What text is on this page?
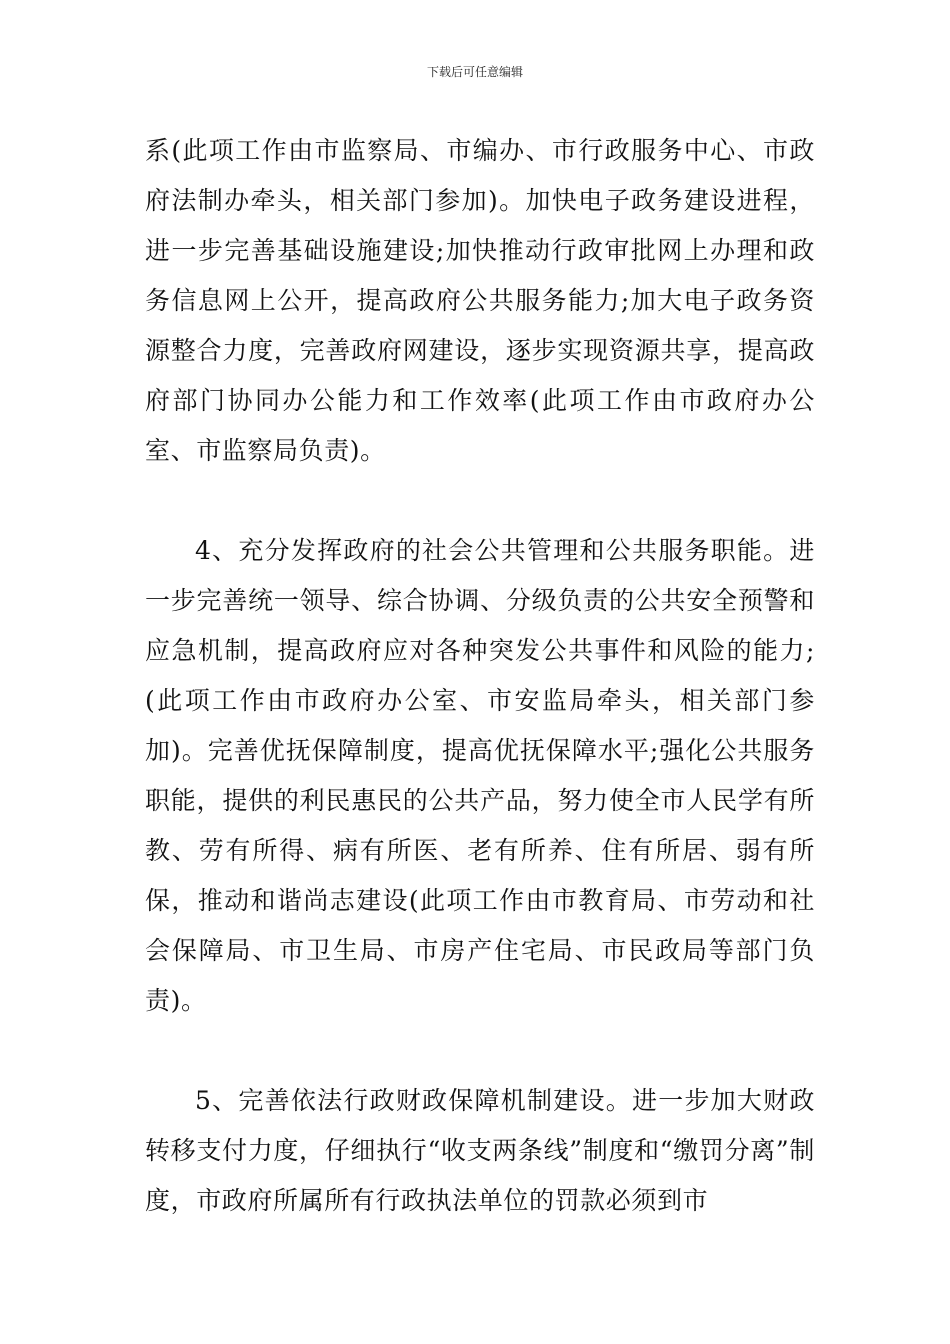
下载后可任意编辑

系(此项工作由市监察局、市编办、市行政服务中心、市政府法制办牵头，相关部门参加)。加快电子政务建设进程，进一步完善基础设施建设;加快推动行政审批网上办理和政务信息网上公开，提高政府公共服务能力;加大电子政务资源整合力度，完善政府网建设，逐步实现资源共享，提高政府部门协同办公能力和工作效率(此项工作由市政府办公室、市监察局负责)。

4、充分发挥政府的社会公共管理和公共服务职能。进一步完善统一领导、综合协调、分级负责的公共安全预警和应急机制，提高政府应对各种突发公共事件和风险的能力;(此项工作由市政府办公室、市安监局牵头，相关部门参加)。完善优抚保障制度，提高优抚保障水平;强化公共服务职能，提供的利民惠民的公共产品，努力使全市人民学有所教、劳有所得、病有所医、老有所养、住有所居、弱有所保，推动和谐尚志建设(此项工作由市教育局、市劳动和社会保障局、市卫生局、市房产住宅局、市民政局等部门负责)。

5、完善依法行政财政保障机制建设。进一步加大财政转移支付力度，仔细执行“收支两条线”制度和“缴罚分离”制度，市政府所属所有行政执法单位的罚款必须到市
